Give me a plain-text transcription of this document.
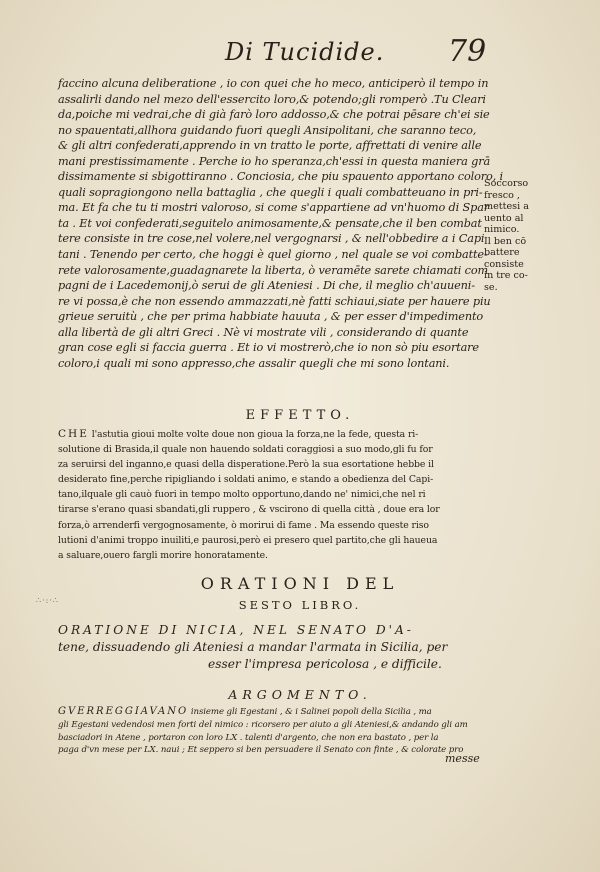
Di Tucidide. 79
faccino alcuna deliberatione , io con quei che ho meco, anticiperò il tempo in
assalirli dando nel mezo dell'essercito loro,& potendo;gli romperò .Tu Cleari
da,poiche mi vedrai,che di già farò loro addosso,& che potrai pēsare ch'ei sie
no spauentati,allhora guidando fuori quegli Ansipolitani, che saranno teco,
& gli altri confederati,apprendo in vn tratto le porte, affrettati di venire alle
mani prestissimamente . Perche io ho speranza,ch'essi in questa maniera grā
dissimamente si sbigottiranno . Conciosia, che piu spauento apportano coloro, i
quali sopragiongono nella battaglia , che quegli i quali combatteuano in pri-
ma. Et fa che tu ti mostri valoroso, si come s'appartiene ad vn'huomo di Spar
ta . Et voi confederati,seguitelo animosamente,& pensate,che il ben combat
tere consiste in tre cose,nel volere,nel vergognarsi , & nell'obbedire a i Capi
tani . Tenendo per certo, che hoggi è quel giorno , nel quale se voi combatte-
rete valorosamente,guadagnarete la liberta, ò veramēte sarete chiamati com
pagni de i Lacedemonij,ò serui de gli Ateniesi . Di che, il meglio ch'auueni-
re vi possa,è che non essendo ammazzati,nè fatti schiaui,siate per hauere piu
grieue seruitù , che per prima habbiate hauuta , & per esser d'impedimento
alla libertà de gli altri Greci . Nè vi mostrate vili , considerando di quante
gran cose egli si faccia guerra . Et io vi mostrerò,che io non sò piu esortare
coloro,i quali mi sono appresso,che assalir quegli che mi sono lontani.
Soccorso
fresco ,
mettesi a
uento al
nimico.
Il ben cō
battere
consiste
in tre co-
se.
EFFETTO.
CHE l'astutia gioui molte volte doue non gioua la forza,ne la fede, questa ri-
solutione di Brasida,il quale non hauendo soldati coraggiosi a suo modo,gli fu for
za seruirsi del inganno,e quasi della disperatione.Però la sua esortatione hebbe il
desiderato fine,perche ripigliando i soldati animo, e stando a obedienza del Capi-
tano,ilquale gli cauò fuori in tempo molto opportuno,dando ne' nimici,che nel ri
tirarse s'erano quasi sbandati,gli ruppero , & vscirono di quella città , doue era lor
forza,ò arrenderfi vergognosamente, ò morirui di fame . Ma essendo queste riso
lutioni d'animi troppo inuiliti,e paurosi,però ei presero quel partito,che gli haueua
a saluare,ouero fargli morire honoratamente.
∴·:·∴
ORATIONI DEL
SESTO LIBRO.
ORATIONE DI NICIA, NEL SENATO D'A-
tene, dissuadendo gli Ateniesi a mandar l'armata in Sicilia, per
esser l'impresa pericolosa , e difficile.
ARGOMENTO.
GVERREGGIAVANO insieme gli Egestani , & i Salinei popoli della Sicilia , ma
gli Egestani vedendosi men forti del nimico : ricorsero per aiuto a gli Ateniesi,& andando gli am
basciadori in Atene , portaron con loro LX . talenti d'argento, che non era bastato , per la
paga d'vn mese per LX. naui ; Et seppero si ben persuadere il Senato con finte , & colorate pro
messe
